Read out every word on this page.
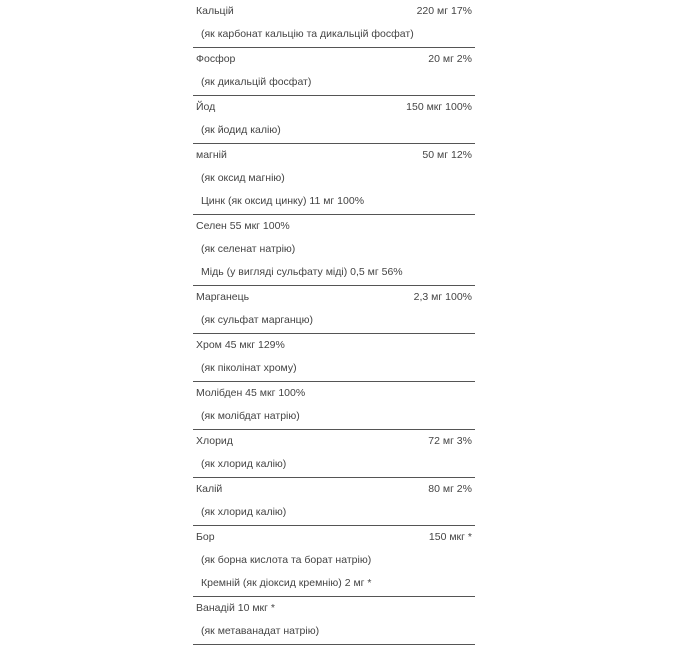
Кальцій	220 мг 17%
(як карбонат кальцію та дикальцій фосфат)
Фосфор	20 мг 2%
(як дикальцій фосфат)
Йод	150 мкг 100%
(як йодид калію)
магній	50 мг 12%
(як оксид магнію)
Цинк (як оксид цинку) 11 мг 100%
Селен 55 мкг 100%
(як селенат натрію)
Мідь (у вигляді сульфату міді) 0,5 мг 56%
Марганець	2,3 мг 100%
(як сульфат марганцю)
Хром 45 мкг 129%
(як піколінат хрому)
Молібден 45 мкг 100%
(як молібдат натрію)
Хлорид	72 мг 3%
(як хлорид калію)
Калій	80 мг 2%
(як хлорид калію)
Бор	150 мкг *
(як борна кислота та борат натрію)
Кремній (як діоксид кремнію) 2 мг *
Ванадій 10 мкг *
(як метаванадат натрію)
